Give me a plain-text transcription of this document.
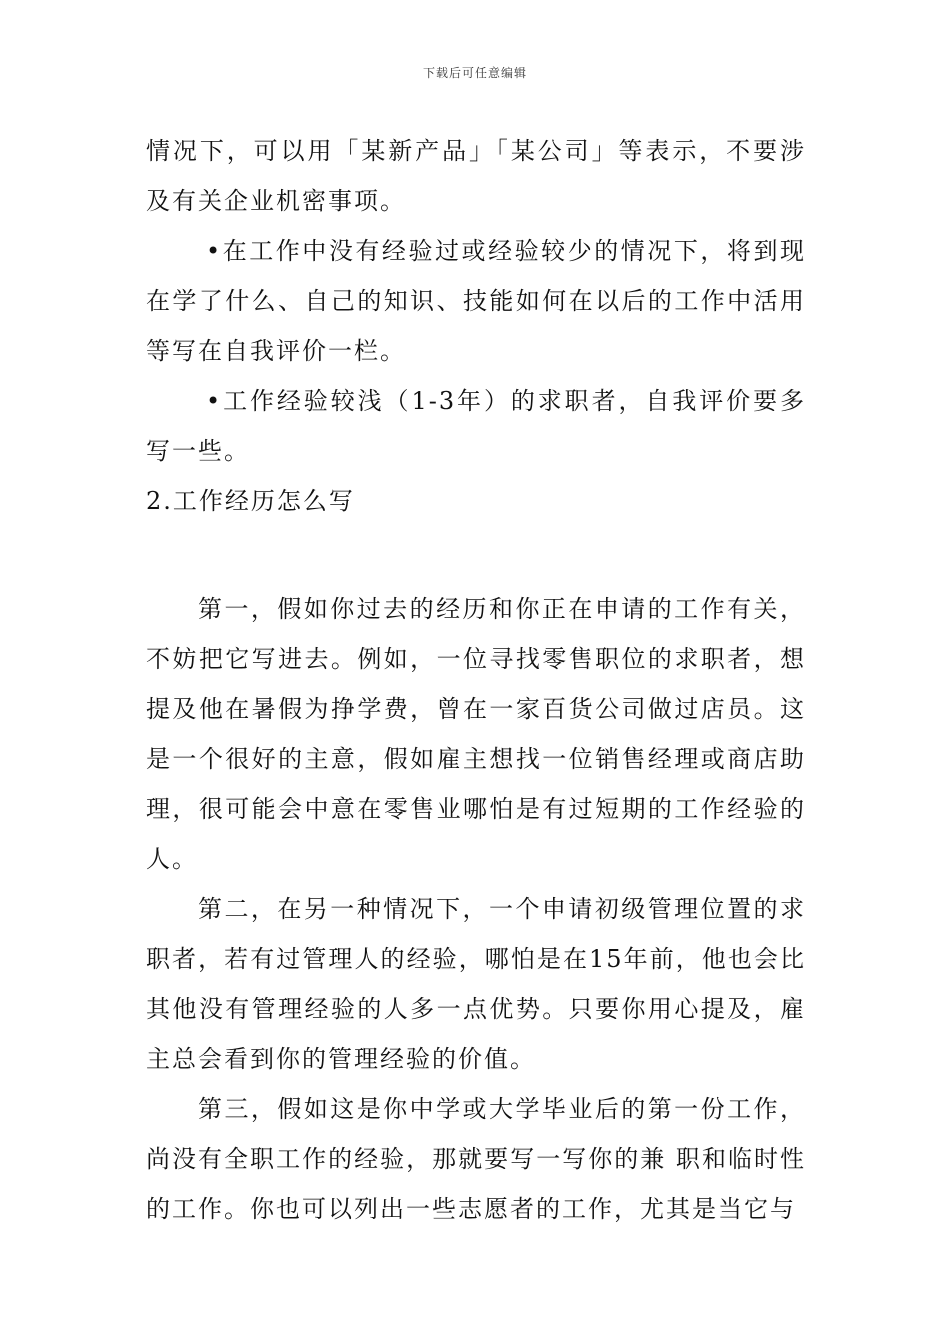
下载后可任意编辑

情况下，可以用「某新产品」「某公司」等表示，不要涉及有关企业机密事项。

•在工作中没有经验过或经验较少的情况下，将到现在学了什么、自己的知识、技能如何在以后的工作中活用等写在自我评价一栏。

•工作经验较浅（1-3年）的求职者，自我评价要多写一些。

2.工作经历怎么写

第一，假如你过去的经历和你正在申请的工作有关，不妨把它写进去。例如，一位寻找零售职位的求职者，想提及他在暑假为挣学费，曾在一家百货公司做过店员。这是一个很好的主意，假如雇主想找一位销售经理或商店助理，很可能会中意在零售业哪怕是有过短期的工作经验的人。

第二，在另一种情况下，一个申请初级管理位置的求职者，若有过管理人的经验，哪怕是在15年前，他也会比其他没有管理经验的人多一点优势。只要你用心提及，雇主总会看到你的管理经验的价值。

第三，假如这是你中学或大学毕业后的第一份工作，尚没有全职工作的经验，那就要写一写你的兼 职和临时性的工作。你也可以列出一些志愿者的工作，尤其是当它与
